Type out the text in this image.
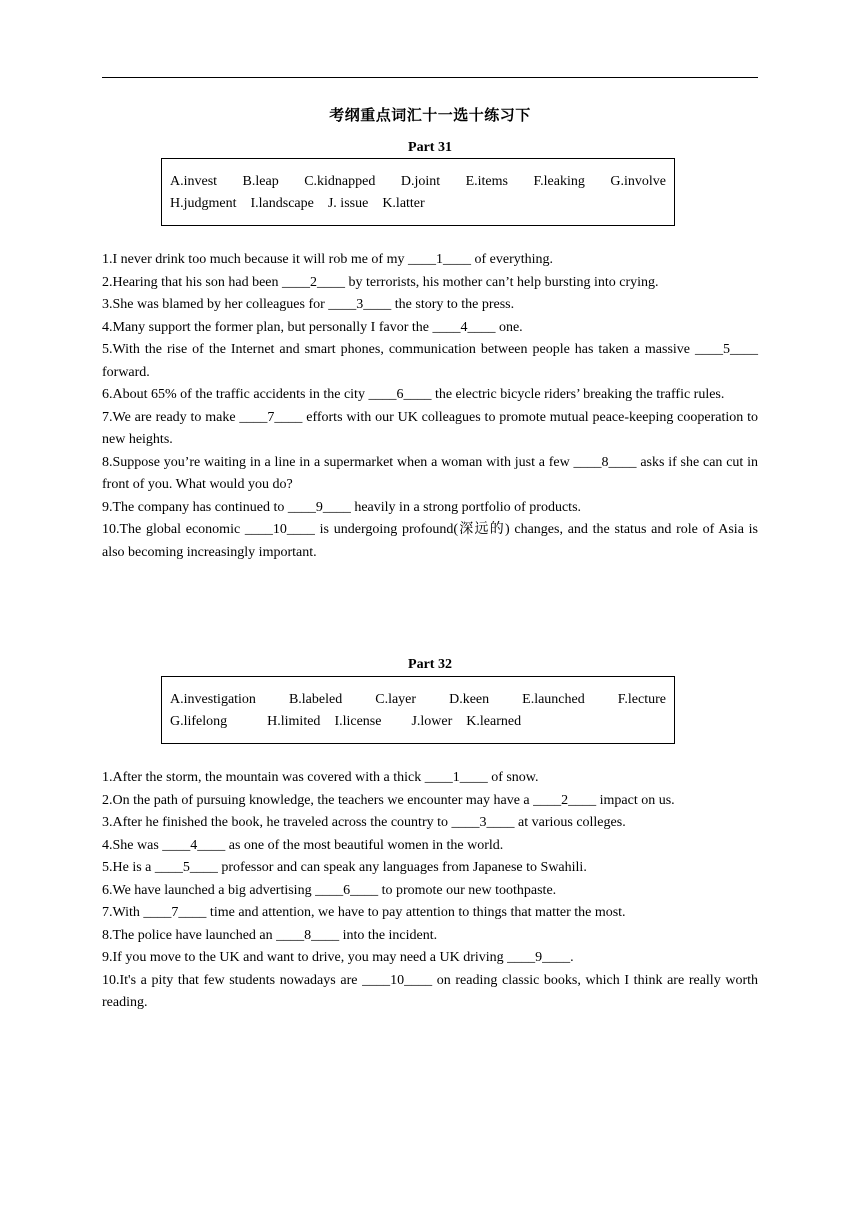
考纲重点词汇十一选十练习下
Part 31
A.invest B.leap C.kidnapped D.joint E.items F.leaking G.involve
H.judgment I.landscape J. issue K.latter
1.I never drink too much because it will rob me of my ____1____ of everything.
2.Hearing that his son had been ____2____ by terrorists, his mother can’t help bursting into crying.
3.She was blamed by her colleagues for ____3____ the story to the press.
4.Many support the former plan, but personally I favor the ____4____ one.
5.With the rise of the Internet and smart phones, communication between people has taken a massive ____5____ forward.
6.About 65% of the traffic accidents in the city ____6____ the electric bicycle riders’ breaking the traffic rules.
7.We are ready to make ____7____ efforts with our UK colleagues to promote mutual peace-keeping cooperation to new heights.
8.Suppose you’re waiting in a line in a supermarket when a woman with just a few ____8____ asks if she can cut in front of you. What would you do?
9.The company has continued to ____9____ heavily in a strong portfolio of products.
10.The global economic ____10____ is undergoing profound(深远的) changes, and the status and role of Asia is also becoming increasingly important.
Part 32
A.investigation B.labeled C.layer D.keen E.launched F.lecture
G.lifelong	H.limited I.license J.lower K.learned
1.After the storm, the mountain was covered with a thick ____1____ of snow.
2.On the path of pursuing knowledge, the teachers we encounter may have a ____2____ impact on us.
3.After he finished the book, he traveled across the country to ____3____ at various colleges.
4.She was ____4____ as one of the most beautiful women in the world.
5.He is a ____5____ professor and can speak any languages from Japanese to Swahili.
6.We have launched a big advertising ____6____ to promote our new toothpaste.
7.With ____7____ time and attention, we have to pay attention to things that matter the most.
8.The police have launched an ____8____ into the incident.
9.If you move to the UK and want to drive, you may need a UK driving ____9____.
10.It's a pity that few students nowadays are ____10____ on reading classic books, which I think are really worth reading.
